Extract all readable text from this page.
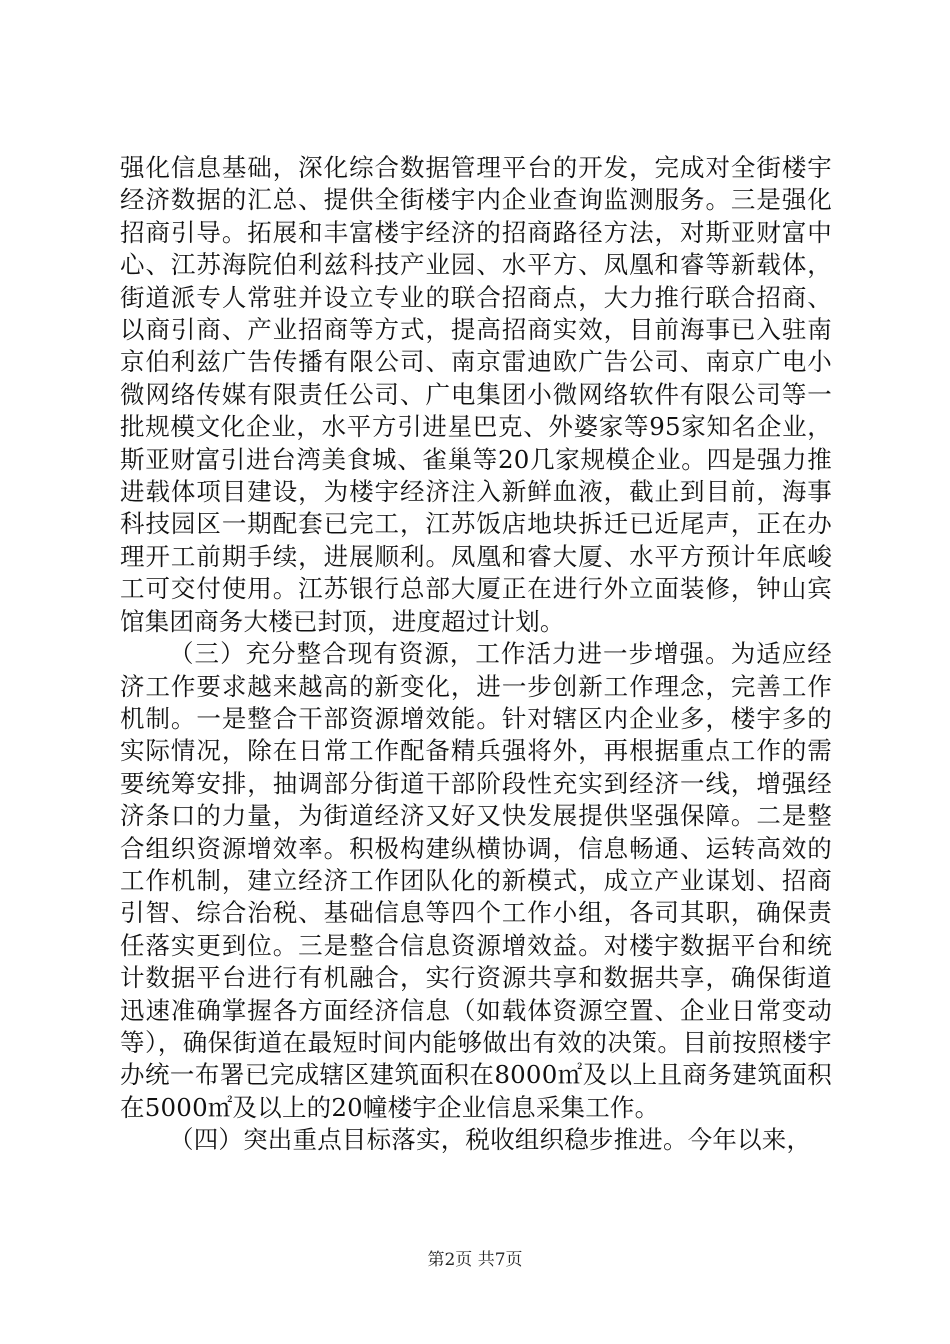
强化信息基础，深化综合数据管理平台的开发，完成对全街楼宇经济数据的汇总、提供全街楼宇内企业查询监测服务。三是强化招商引导。拓展和丰富楼宇经济的招商路径方法，对斯亚财富中心、江苏海院伯利兹科技产业园、水平方、凤凰和睿等新载体，街道派专人常驻并设立专业的联合招商点，大力推行联合招商、以商引商、产业招商等方式，提高招商实效，目前海事已入驻南京伯利兹广告传播有限公司、南京雷迪欧广告公司、南京广电小微网络传媒有限责任公司、广电集团小微网络软件有限公司等一批规模文化企业，水平方引进星巴克、外婆家等95家知名企业，斯亚财富引进台湾美食城、雀巢等20几家规模企业。四是强力推进载体项目建设，为楼宇经济注入新鲜血液，截止到目前，海事科技园区一期配套已完工，江苏饭店地块拆迁已近尾声，正在办理开工前期手续，进展顺利。凤凰和睿大厦、水平方预计年底峻工可交付使用。江苏银行总部大厦正在进行外立面装修，钟山宾馆集团商务大楼已封顶，进度超过计划。

（三）充分整合现有资源，工作活力进一步增强。为适应经济工作要求越来越高的新变化，进一步创新工作理念，完善工作机制。一是整合干部资源增效能。针对辖区内企业多，楼宇多的实际情况，除在日常工作配备精兵强将外，再根据重点工作的需要统筹安排，抽调部分街道干部阶段性充实到经济一线，增强经济条口的力量，为街道经济又好又快发展提供坚强保障。二是整合组织资源增效率。积极构建纵横协调，信息畅通、运转高效的工作机制，建立经济工作团队化的新模式，成立产业谋划、招商引智、综合治税、基础信息等四个工作小组，各司其职，确保责任落实更到位。三是整合信息资源增效益。对楼宇数据平台和统计数据平台进行有机融合，实行资源共享和数据共享，确保街道迅速准确掌握各方面经济信息（如载体资源空置、企业日常变动等），确保街道在最短时间内能够做出有效的决策。目前按照楼宇办统一布署已完成辖区建筑面积在8000㎡及以上且商务建筑面积在5000㎡及以上的20幢楼宇企业信息采集工作。

（四）突出重点目标落实，税收组织稳步推进。今年以来，

第2页 共7页
